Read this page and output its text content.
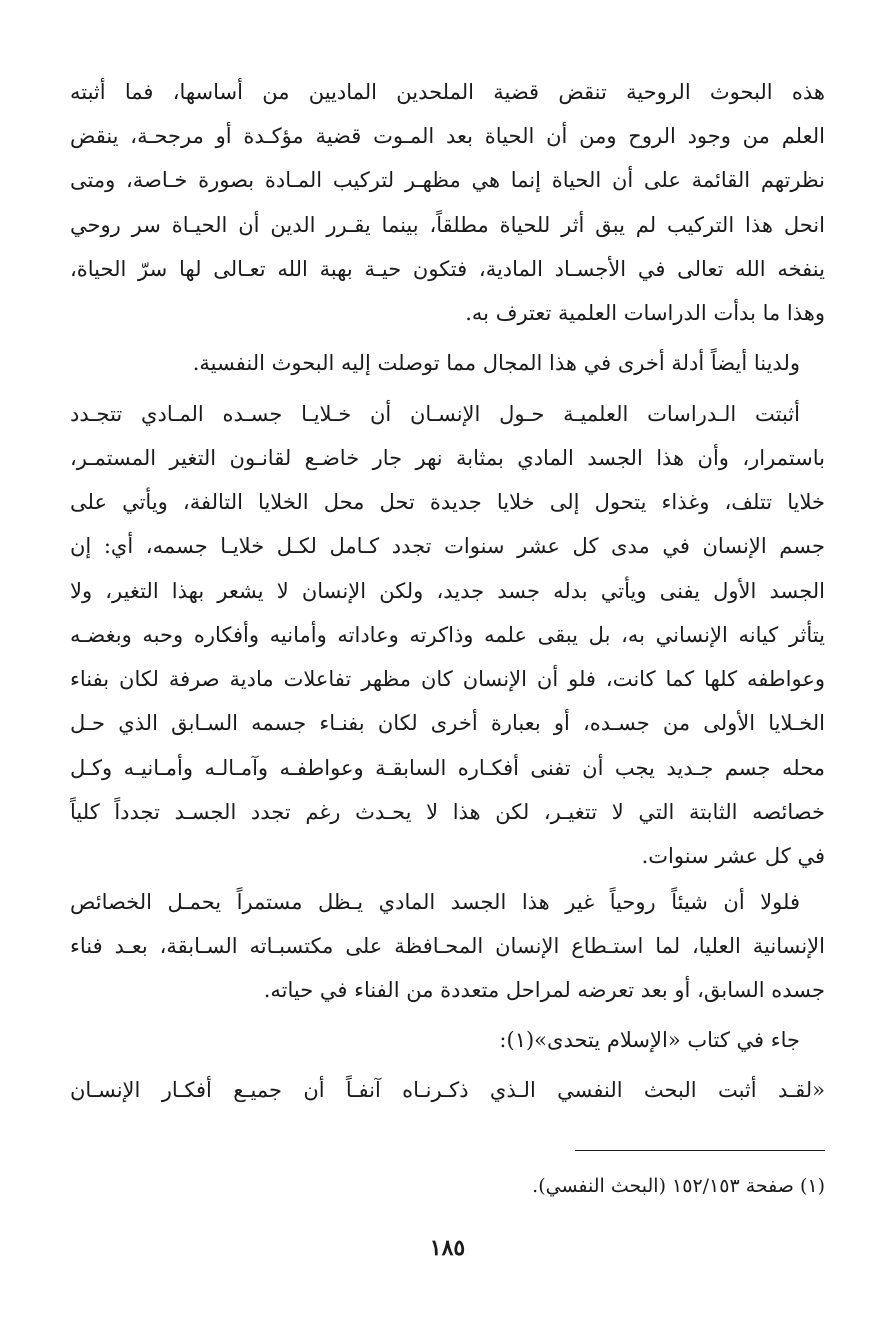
هذه البحوث الروحية تنقض قضية الملحدين الماديين من أساسها، فما أثبته
العلم من وجود الروح ومن أن الحياة بعد المـوت قضية مؤكـدة أو مرجحـة، ينقض
نظرتهم القائمة على أن الحياة إنما هي مظهـر لتركيب المـادة بصورة خـاصة، ومتى
انحل هذا التركيب لم يبق أثر للحياة مطلقاً، بينما يقـرر الدين أن الحيـاة سر روحي
ينفخه الله تعالى في الأجسـاد المادية، فتكون حيـة بهبة الله تعـالى لها سرّ الحياة،
وهذا ما بدأت الدراسات العلمية تعترف به.
ولدينا أيضاً أدلة أخرى في هذا المجال مما توصلت إليه البحوث النفسية.
أثبتت الـدراسات العلميـة حـول الإنسـان أن خـلايـا جسـده المـادي تتجـدد
باستمرار، وأن هذا الجسد المادي بمثابة نهر جار خاضـع لقانـون التغير المستمـر،
خلايا تتلف، وغذاء يتحول إلى خلايا جديدة تحل محل الخلايا التالفة، ويأتي على
جسم الإنسان في مدى كل عشر سنوات تجدد كـامل لكـل خلايـا جسمه، أي: إن
الجسد الأول يفنى ويأتي بدله جسد جديد، ولكن الإنسان لا يشعر بهذا التغير، ولا
يتأثر كيانه الإنساني به، بل يبقى علمه وذاكرته وعاداته وأمانيه وأفكاره وحبه وبغضـه
وعواطفه كلها كما كانت، فلو أن الإنسان كان مظهر تفاعلات مادية صرفة لكان بفناء
الخـلايا الأولى من جسـده، أو بعبارة أخرى لكان بفنـاء جسمه السـابق الذي حـل
محله جسم جـديد يجب أن تفنى أفكـاره السابقـة وعواطفـه وآمـالـه وأمـانيـه وكـل
خصائصه الثابتة التي لا تتغيـر، لكن هذا لا يحـدث رغم تجدد الجسـد تجدداً كلياً
في كل عشر سنوات.
فلولا أن شيئاً روحياً غير هذا الجسد المادي يـظل مستمراً يحمـل الخصائص
الإنسانية العليا، لما استـطاع الإنسان المحـافظة على مكتسبـاته السـابقة، بعـد فناء
جسده السابق، أو بعد تعرضه لمراحل متعددة من الفناء في حياته.
جاء في كتاب «الإسلام يتحدى»(١):
«لقـد أثبت البحث النفسي الـذي ذكـرنـاه آنفـاً أن جميـع أفكـار الإنسـان
(١) صفحة ١٥٢/١٥٣ (البحث النفسي).
١٨٥
